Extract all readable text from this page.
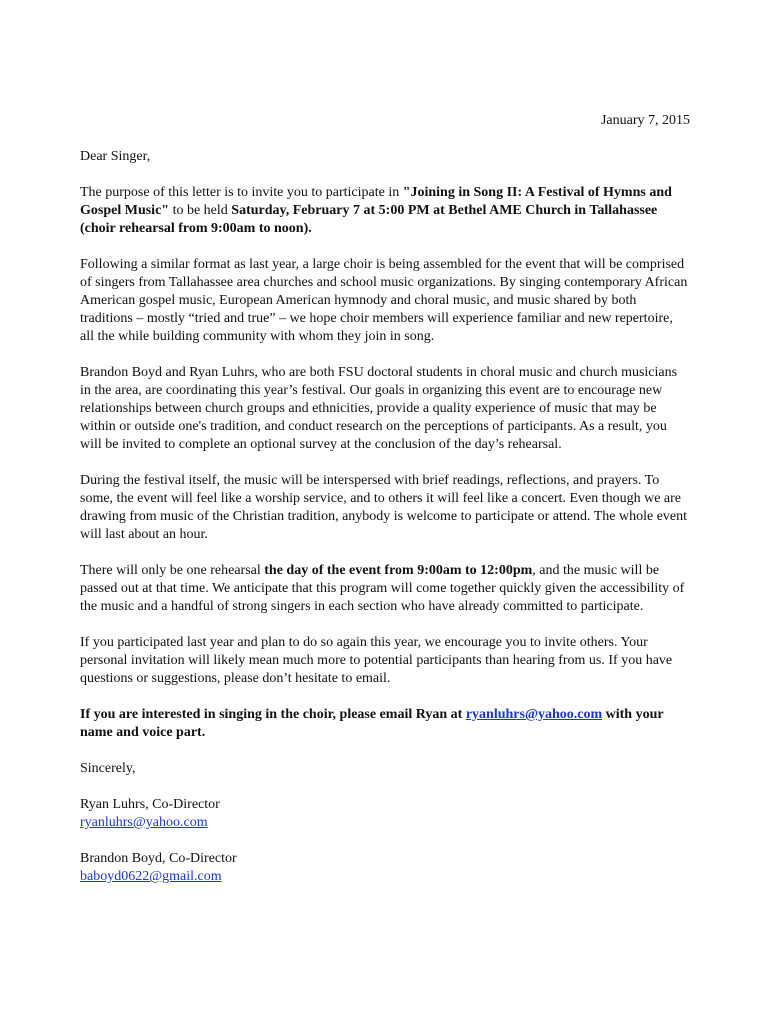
January 7, 2015

Dear Singer,

The purpose of this letter is to invite you to participate in "Joining in Song II: A Festival of Hymns and Gospel Music" to be held Saturday, February 7 at 5:00 PM at Bethel AME Church in Tallahassee (choir rehearsal from 9:00am to noon).

Following a similar format as last year, a large choir is being assembled for the event that will be comprised of singers from Tallahassee area churches and school music organizations. By singing contemporary African American gospel music, European American hymnody and choral music, and music shared by both traditions – mostly “tried and true” – we hope choir members will experience familiar and new repertoire, all the while building community with whom they join in song.

Brandon Boyd and Ryan Luhrs, who are both FSU doctoral students in choral music and church musicians in the area, are coordinating this year’s festival. Our goals in organizing this event are to encourage new relationships between church groups and ethnicities, provide a quality experience of music that may be within or outside one's tradition, and conduct research on the perceptions of participants. As a result, you will be invited to complete an optional survey at the conclusion of the day’s rehearsal.

During the festival itself, the music will be interspersed with brief readings, reflections, and prayers. To some, the event will feel like a worship service, and to others it will feel like a concert. Even though we are drawing from music of the Christian tradition, anybody is welcome to participate or attend. The whole event will last about an hour.

There will only be one rehearsal the day of the event from 9:00am to 12:00pm, and the music will be passed out at that time. We anticipate that this program will come together quickly given the accessibility of the music and a handful of strong singers in each section who have already committed to participate.

If you participated last year and plan to do so again this year, we encourage you to invite others. Your personal invitation will likely mean much more to potential participants than hearing from us. If you have questions or suggestions, please don’t hesitate to email.

If you are interested in singing in the choir, please email Ryan at ryanluhrs@yahoo.com with your name and voice part.

Sincerely,

Ryan Luhrs, Co-Director
ryanluhrs@yahoo.com
Brandon Boyd, Co-Director
baboyd0622@gmail.com
